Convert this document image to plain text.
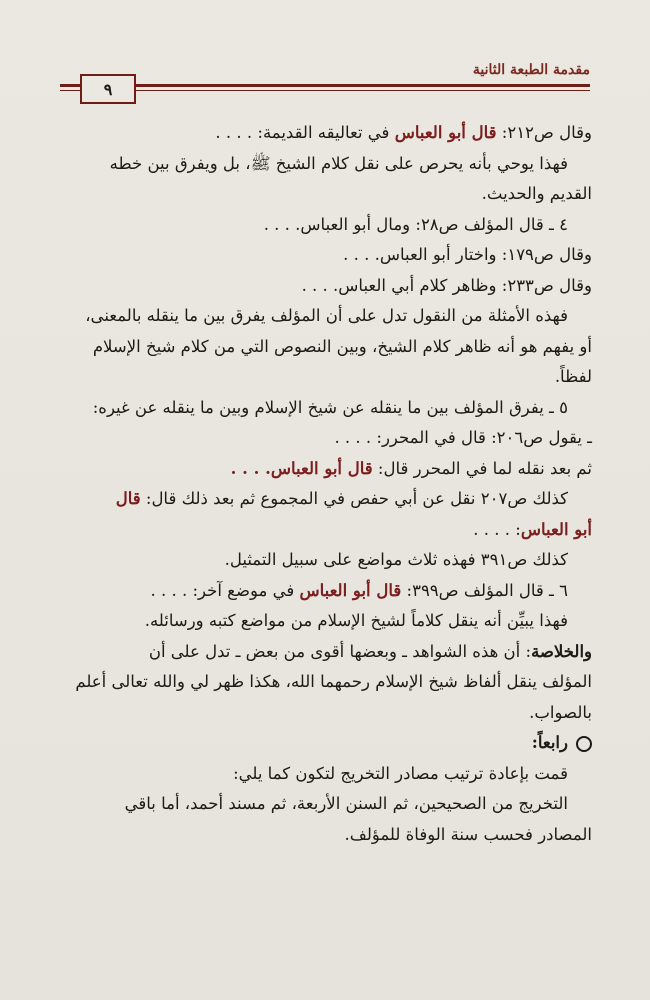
مقدمة الطبعة الثانية
٩

وقال ص٢١٢: قال أبو العباس في تعاليقه القديمة: . . . .

فهذا يوحي بأنه يحرص على نقل كلام الشيخ ﷺ، بل ويفرق بين خطه

القديم والحديث.

٤ ـ قال المؤلف ص٢٨: ومال أبو العباس. . . .

وقال ص١٧٩: واختار أبو العباس. . . .

وقال ص٢٣٣: وظاهر كلام أبي العباس. . . .

فهذه الأمثلة من النقول تدل على أن المؤلف يفرق بين ما ينقله بالمعنى،

أو يفهم هو أنه ظاهر كلام الشيخ، وبين النصوص التي من كلام شيخ الإسلام

لفظاً.

٥ ـ يفرق المؤلف بين ما ينقله عن شيخ الإسلام وبين ما ينقله عن غيره:

ـ يقول ص٢٠٦: قال في المحرر: . . . .

ثم بعد نقله لما في المحرر قال: قال أبو العباس. . . .

كذلك ص٢٠٧ نقل عن أبي حفص في المجموع ثم بعد ذلك قال: قال

أبو العباس: . . . .

كذلك ص٣٩١ فهذه ثلاث مواضع على سبيل التمثيل.

٦ ـ قال المؤلف ص٣٩٩: قال أبو العباس في موضع آخر: . . . .

فهذا يبيِّن أنه ينقل كلاماً لشيخ الإسلام من مواضع كتبه ورسائله.

والخلاصة: أن هذه الشواهد ـ وبعضها أقوى من بعض ـ تدل على أن

المؤلف ينقل ألفاظ شيخ الإسلام رحمهما الله، هكذا ظهر لي والله تعالى أعلم

بالصواب.

رابعاً:

قمت بإعادة ترتيب مصادر التخريج لتكون كما يلي:

التخريج من الصحيحين، ثم السنن الأربعة، ثم مسند أحمد، أما باقي

المصادر فحسب سنة الوفاة للمؤلف.
